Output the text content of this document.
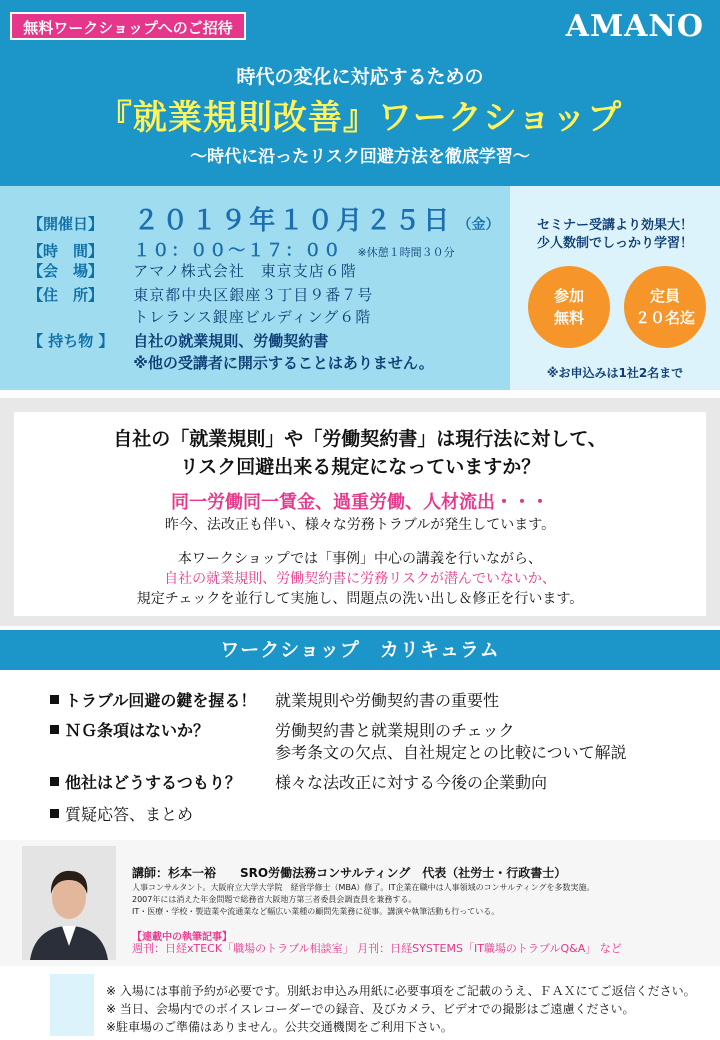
無料ワークショップへのご招待	AMANO
時代の変化に対応するための
『就業規則改善』ワークショップ
～時代に沿ったリスク回避方法を徹底学習～
【開催日】 ２０１９年１０月２５日 （金）
【時　間】 １０：００～１７：００ ※休憩１時間３０分
【会　場】 アマノ株式会社　東京支店６階
【住　所】 東京都中央区銀座３丁目９番７号
トレランス銀座ビルディング６階
【 持ち物 】 自社の就業規則、労働契約書
※他の受講者に開示することはありません。
セミナー受講より効果大！
少人数制でしっかり学習！
参加
無料
定員
２０名迄
※お申込みは1社2名まで
自社の「就業規則」や「労働契約書」は現行法に対して、
リスク回避出来る規定になっていますか？
同一労働同一賃金、過重労働、人材流出・・・
昨今、法改正も伴い、様々な労務トラブルが発生しています。
本ワークショップでは「事例」中心の講義を行いながら、
自社の就業規則、労働契約書に労務リスクが潜んでいないか、
規定チェックを並行して実施し、問題点の洗い出し＆修正を行います。
ワークショップ　カリキュラム
トラブル回避の鍵を握る！ 就業規則や労働契約書の重要性
ＮＧ条項はないか？	労働契約書と就業規則のチェック
参考条文の欠点、自社規定との比較について解説
他社はどうするつもり？ 様々な法改正に対する今後の企業動向
質疑応答、まとめ
講師：杉本一裕　　SRO労働法務コンサルティング　代表（社労士・行政書士）
人事コンサルタント。大阪府立大学大学院　経営学修士（MBA）修了。IT企業在職中は人事領域のコンサルティングを多数実施。
2007年には消えた年金問題で総務省大阪地方第三者委員会調査員を兼務する。
IT・医療・学校・製造業や流通業など幅広い業種の顧問先業務に従事。講演や執筆活動も行っている。
【連載中の執筆記事】
週刊：日経xTECK「職場のトラブル相談室」 月刊：日経SYSTEMS「IT職場のトラブルQ&A」 など
※ 入場には事前予約が必要です。別紙お申込み用紙に必要事項をご記載のうえ、ＦＡＸにてご返信ください。
※ 当日、会場内でのボイスレコーダーでの録音、及びカメラ、ビデオでの撮影はご遠慮ください。
※駐車場のご準備はありません。公共交通機関をご利用下さい。
